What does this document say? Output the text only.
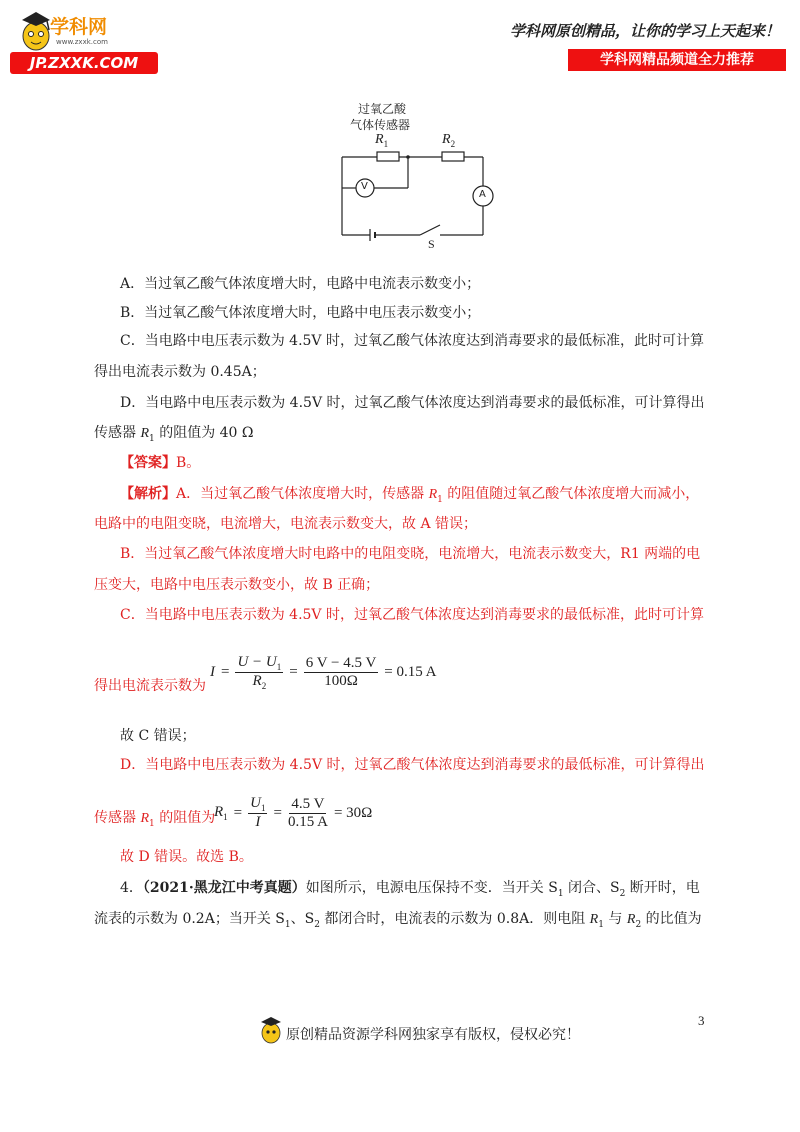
学科网
www.zxxk.com
JP.ZXXK.COM
学科网原创精品，让你的学习上天起来！
学科网精品频道全力推荐
过氧乙酸
气体传感器
$R_1$	$R_2$
V
A
S
A．当过氧乙酸气体浓度增大时，电路中电流表示数变小；
B．当过氧乙酸气体浓度增大时，电路中电压表示数变小；
C．当电路中电压表示数为 4.5V 时，过氧乙酸气体浓度达到消毒要求的最低标准，此时可计算
得出电流表示数为 0.45A；
D．当电路中电压表示数为 4.5V 时，过氧乙酸气体浓度达到消毒要求的最低标准，可计算得出
传感器 $R_1$ 的阻值为 40 Ω
【答案】B。
【解析】A．当过氧乙酸气体浓度增大时，传感器 $R_1$ 的阻值随过氧乙酸气体浓度增大而减小，
电路中的电阻变晓，电流增大，电流表示数变大，故 A 错误；
B．当过氧乙酸气体浓度增大时电路中的电阻变晓，电流增大，电流表示数变大，R1 两端的电
压变大，电路中电压表示数变小，故 B 正确；
C．当电路中电压表示数为 4.5V 时，过氧乙酸气体浓度达到消毒要求的最低标准，此时可计算
得出电流表示数为
$I = \frac{U - U_1}{R_2} = \frac{6 V - 4.5 V}{100\Omega} = 0.15$ A
故 C 错误；
D．当电路中电压表示数为 4.5V 时，过氧乙酸气体浓度达到消毒要求的最低标准，可计算得出
传感器 $R_1$ 的阻值为
$R_1 = \frac{U_1}{I} = \frac{4.5 V}{0.15 A} = 30\Omega$
故 D 错误。故选 B。
4．（2021·黑龙江中考真题）如图所示，电源电压保持不变．当开关 $S_1$ 闭合、$S_2$ 断开时，电
流表的示数为 0.2A；当开关 $S_1$、$S_2$ 都闭合时，电流表的示数为 0.8A．则电阻 $R_1$ 与 $R_2$ 的比值为
3
原创精品资源学科网独家享有版权，侵权必究！
